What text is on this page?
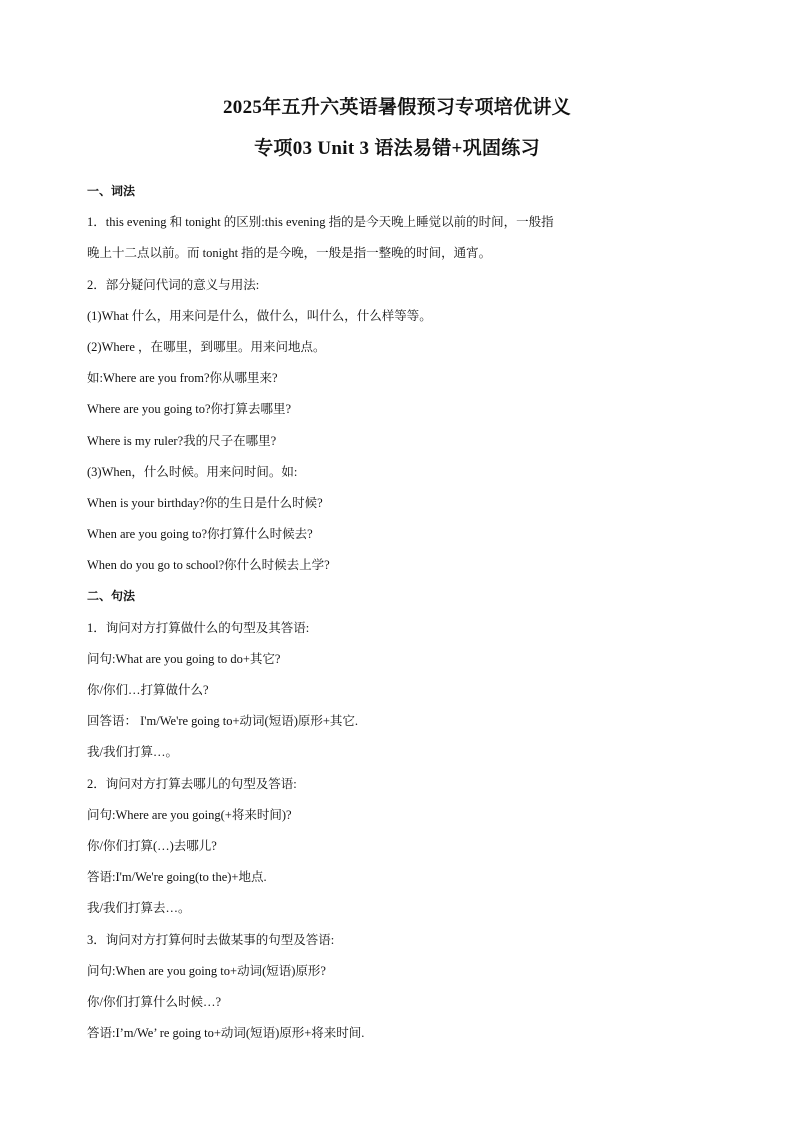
2025年五升六英语暑假预习专项培优讲义
专项03 Unit 3 语法易错+巩固练习
一、词法
1．this evening 和 tonight 的区别:this evening 指的是今天晚上睡觉以前的时间，一般指
晚上十二点以前。而 tonight 指的是今晚，一般是指一整晚的时间，通宵。
2．部分疑问代词的意义与用法:
(1)What 什么，用来问是什么，做什么，叫什么，什么样等等。
(2)Where ，在哪里，到哪里。用来问地点。
如:Where are you from?你从哪里来?
Where are you going to?你打算去哪里?
Where is my ruler?我的尺子在哪里?
(3)When，什么时候。用来问时间。如:
When is your birthday?你的生日是什么时候?
When are you going to?你打算什么时候去?
When do you go to school?你什么时候去上学?
二、句法
1．询问对方打算做什么的句型及其答语:
问句:What are you going to do+其它?
你/你们…打算做什么?
回答语： I'm/We're going to+动词(短语)原形+其它.
我/我们打算…。
2．询问对方打算去哪儿的句型及答语:
问句:Where are you going(+将来时间)?
你/你们打算(…)去哪儿?
答语:I'm/We're going(to the)+地点.
我/我们打算去…。
3．询问对方打算何时去做某事的句型及答语:
问句:When are you going to+动词(短语)原形?
你/你们打算什么时候…?
答语:I’m/We’ re going to+动词(短语)原形+将来时间.
